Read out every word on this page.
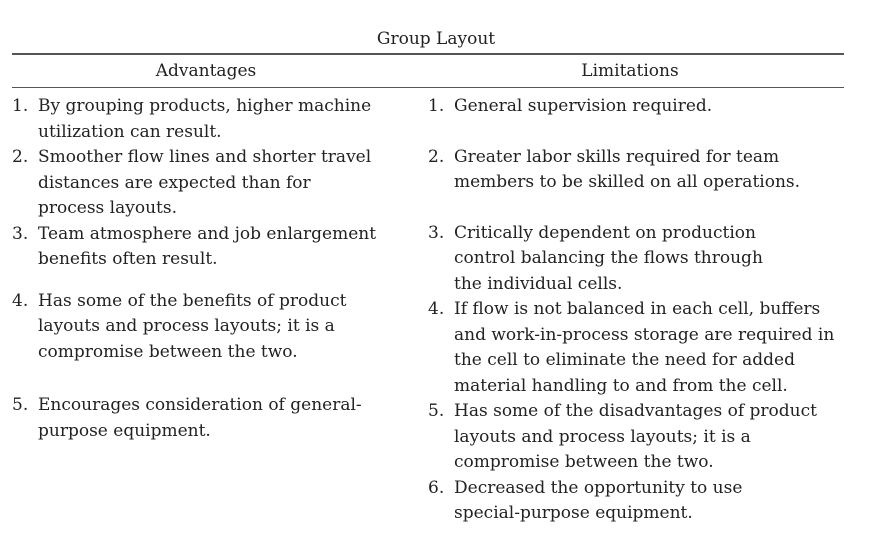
Group Layout
Advantages	Limitations
1. By grouping products, higher machine utilization can result.
2. Smoother flow lines and shorter travel distances are expected than for process layouts.
3. Team atmosphere and job enlargement benefits often result.
4. Has some of the benefits of product layouts and process layouts; it is a compromise between the two.
5. Encourages consideration of general-purpose equipment.
1. General supervision required.
2. Greater labor skills required for team members to be skilled on all operations.
3. Critically dependent on production control balancing the flows through the individual cells.
4. If flow is not balanced in each cell, buffers and work-in-process storage are required in the cell to eliminate the need for added material handling to and from the cell.
5. Has some of the disadvantages of product layouts and process layouts; it is a compromise between the two.
6. Decreased the opportunity to use special-purpose equipment.
